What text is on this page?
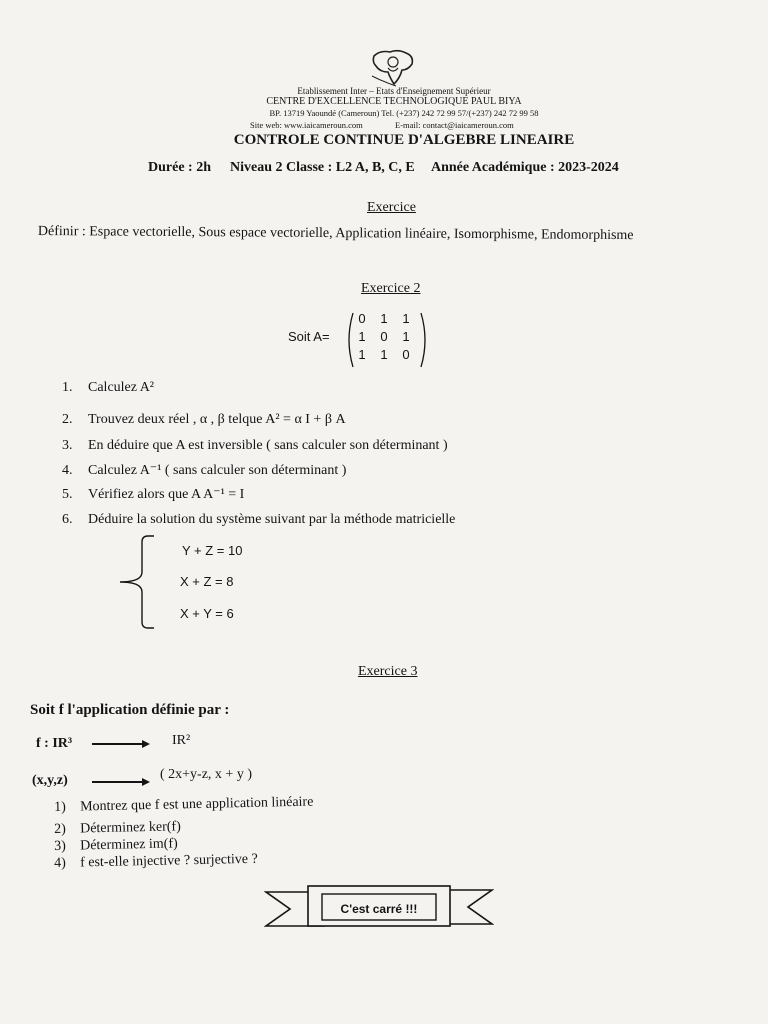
Etablissement Inter – Etats d'Enseignement Supérieur
CENTRE D'EXCELLENCE TECHNOLOGIQUE PAUL BIYA
BP. 13719 Yaoundé (Cameroun) Tel. (+237) 242 72 99 57/(+237) 242 72 99 58
Site web: www.iaicameroun.com	E-mail: contact@iaicameroun.com
CONTROLE CONTINUE D'ALGEBRE LINEAIRE
Durée : 2h Niveau 2 Classe : L2 A, B, C, E Année Académique : 2023-2024
Exercice
Définir : Espace vectorielle, Sous espace vectorielle, Application linéaire, Isomorphisme, Endomorphisme
Exercice 2
Soit A=
0	1	1
1	0	1
1	1	0
1. Calculez A²
2. Trouvez deux réel , α , β telque A² = α I + β A
3. En déduire que A est inversible ( sans calculer son déterminant )
4. Calculez A⁻¹ ( sans calculer son déterminant )
5. Vérifiez alors que A A⁻¹ = I
6. Déduire la solution du système suivant par la méthode matricielle
Y + Z = 10
X + Z = 8
X + Y = 6
Exercice 3
Soit f l'application définie par :
f : IR³	IR²
(x,y,z)	( 2x+y-z, x + y )
1) Montrez que f est une application linéaire
2) Déterminez ker(f)
3) Déterminez im(f)
4) f est-elle injective ? surjective ?
C'est carré !!!
